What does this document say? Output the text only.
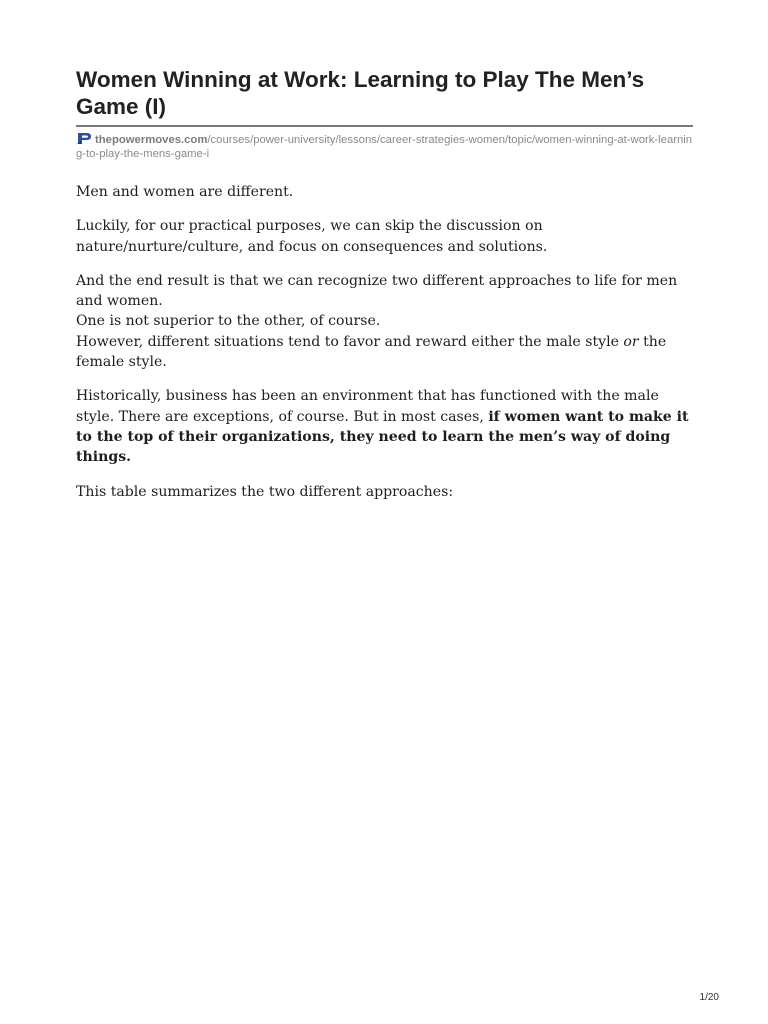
Women Winning at Work: Learning to Play The Men’s Game (I)
thepowermoves.com/courses/power-university/lessons/career-strategies-women/topic/women-winning-at-work-learning-to-play-the-mens-game-i

Men and women are different.

Luckily, for our practical purposes, we can skip the discussion on nature/nurture/culture, and focus on consequences and solutions.

And the end result is that we can recognize two different approaches to life for men and women.
One is not superior to the other, of course.
However, different situations tend to favor and reward either the male style or the female style.

Historically, business has been an environment that has functioned with the male style. There are exceptions, of course. But in most cases, if women want to make it to the top of their organizations, they need to learn the men’s way of doing things.

This table summarizes the two different approaches:

1/20
